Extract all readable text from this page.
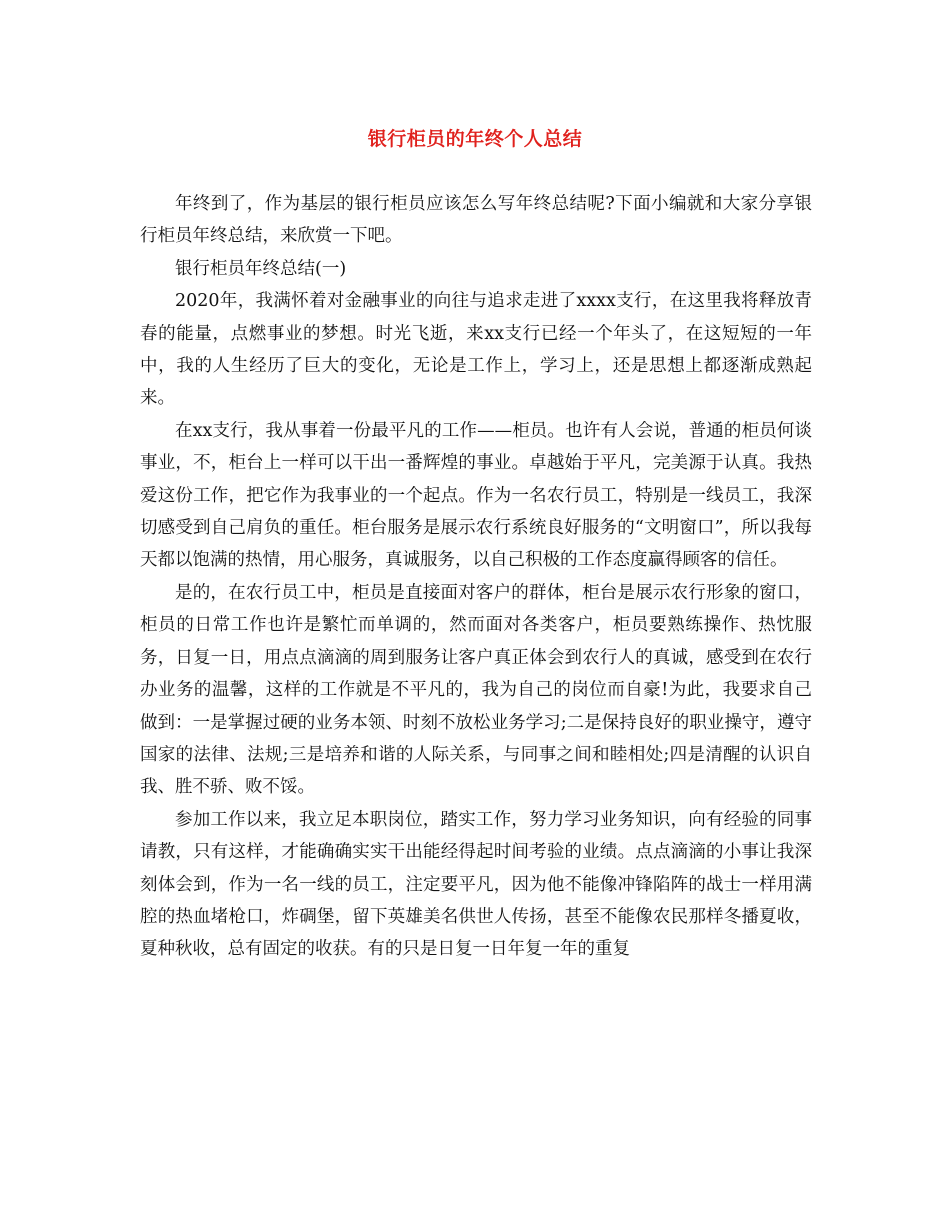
银行柜员的年终个人总结

年终到了，作为基层的银行柜员应该怎么写年终总结呢?下面小编就和大家分享银行柜员年终总结，来欣赏一下吧。

银行柜员年终总结(一)

2020年，我满怀着对金融事业的向往与追求走进了xxxx支行，在这里我将释放青春的能量，点燃事业的梦想。时光飞逝，来xx支行已经一个年头了，在这短短的一年中，我的人生经历了巨大的变化，无论是工作上，学习上，还是思想上都逐渐成熟起来。

在xx支行，我从事着一份最平凡的工作——柜员。也许有人会说，普通的柜员何谈事业，不，柜台上一样可以干出一番辉煌的事业。卓越始于平凡，完美源于认真。我热爱这份工作，把它作为我事业的一个起点。作为一名农行员工，特别是一线员工，我深切感受到自己肩负的重任。柜台服务是展示农行系统良好服务的“文明窗口”，所以我每天都以饱满的热情，用心服务，真诚服务，以自己积极的工作态度赢得顾客的信任。

是的，在农行员工中，柜员是直接面对客户的群体，柜台是展示农行形象的窗口，柜员的日常工作也许是繁忙而单调的，然而面对各类客户，柜员要熟练操作、热忱服务，日复一日，用点点滴滴的周到服务让客户真正体会到农行人的真诚，感受到在农行办业务的温馨，这样的工作就是不平凡的，我为自己的岗位而自豪!为此，我要求自己做到：一是掌握过硬的业务本领、时刻不放松业务学习;二是保持良好的职业操守，遵守国家的法律、法规;三是培养和谐的人际关系，与同事之间和睦相处;四是清醒的认识自我、胜不骄、败不馁。

参加工作以来，我立足本职岗位，踏实工作，努力学习业务知识，向有经验的同事请教，只有这样，才能确确实实干出能经得起时间考验的业绩。点点滴滴的小事让我深刻体会到，作为一名一线的员工，注定要平凡，因为他不能像冲锋陷阵的战士一样用满腔的热血堵枪口，炸碉堡，留下英雄美名供世人传扬，甚至不能像农民那样冬播夏收，夏种秋收，总有固定的收获。有的只是日复一日年复一年的重复
